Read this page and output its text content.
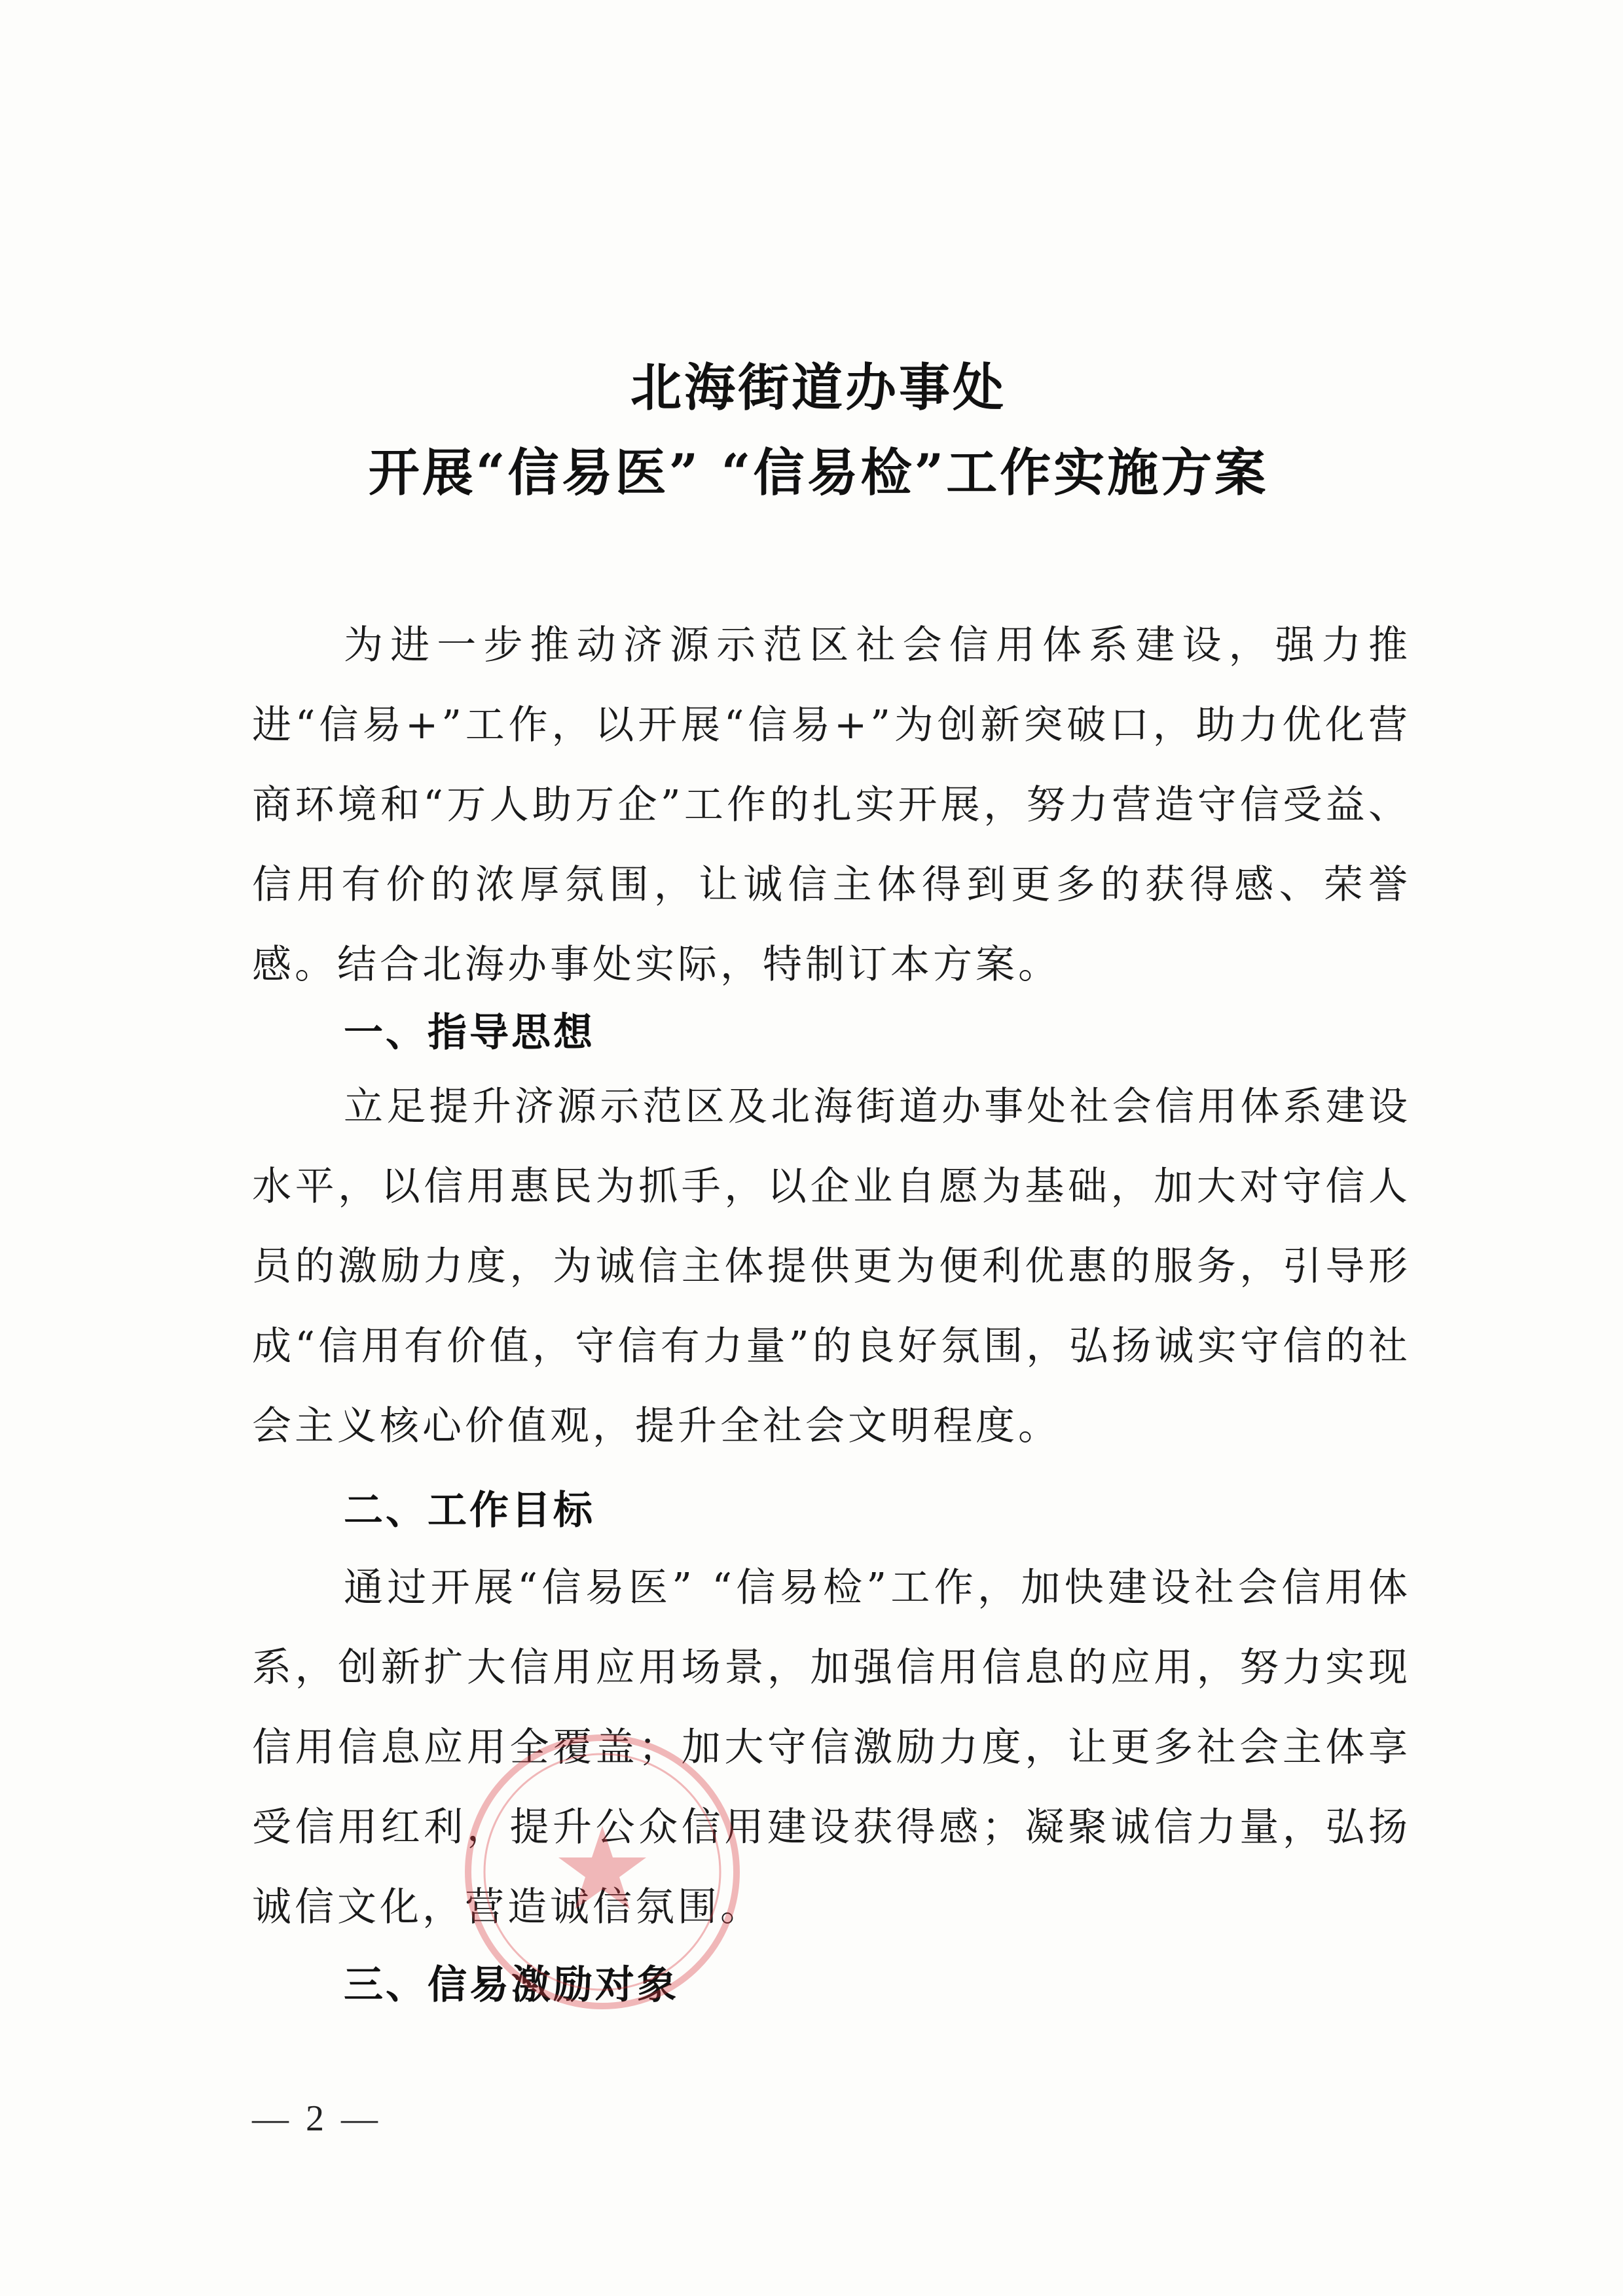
北海街道办事处
开展“信易医” “信易检”工作实施方案

为进一步推动济源示范区社会信用体系建设，强力推进“信易+”工作，以开展“信易+”为创新突破口，助力优化营商环境和“万人助万企”工作的扎实开展，努力营造守信受益、信用有价的浓厚氛围，让诚信主体得到更多的获得感、荣誉感。结合北海办事处实际，特制订本方案。

一、指导思想

立足提升济源示范区及北海街道办事处社会信用体系建设水平，以信用惠民为抓手，以企业自愿为基础，加大对守信人员的激励力度，为诚信主体提供更为便利优惠的服务，引导形成“信用有价值，守信有力量”的良好氛围，弘扬诚实守信的社会主义核心价值观，提升全社会文明程度。

二、工作目标

通过开展“信易医” “信易检”工作，加快建设社会信用体系，创新扩大信用应用场景，加强信用信息的应用，努力实现信用信息应用全覆盖；加大守信激励力度，让更多社会主体享受信用红利，提升公众信用建设获得感；凝聚诚信力量，弘扬诚信文化，营造诚信氛围。

三、信易激励对象

— 2 —
